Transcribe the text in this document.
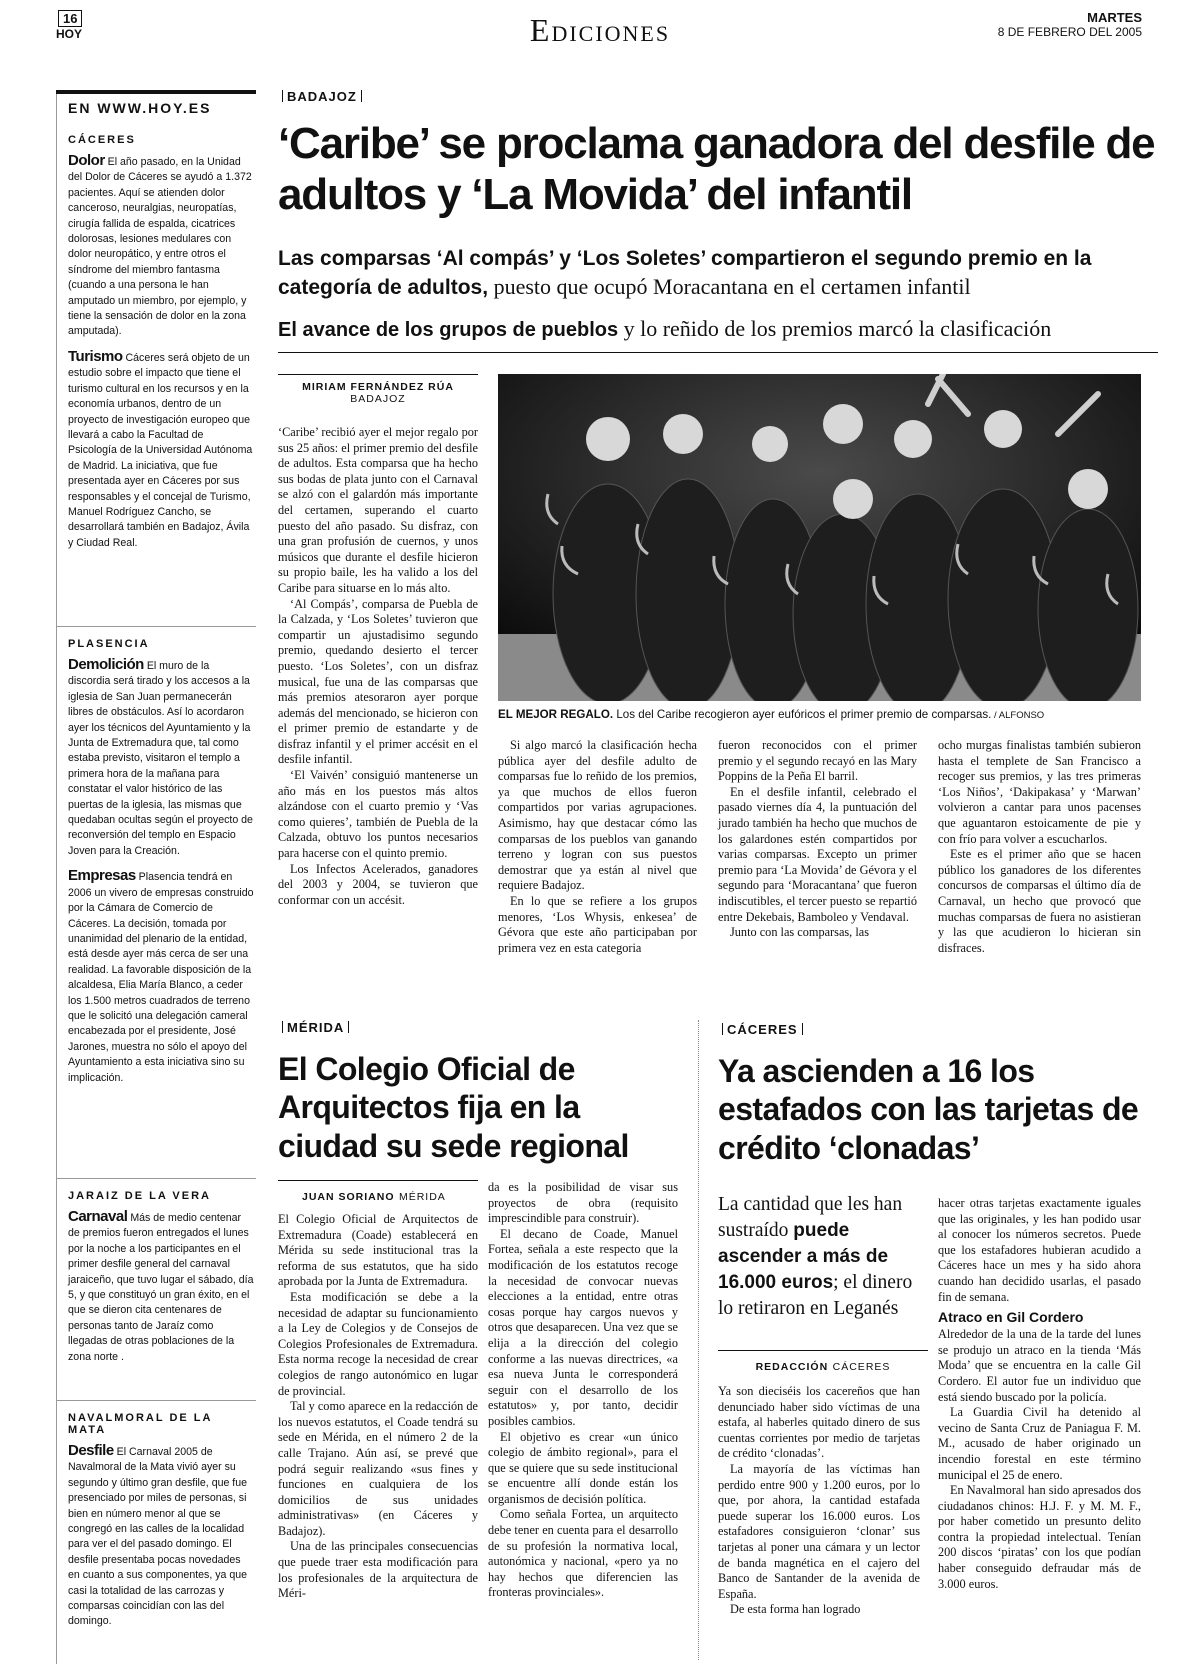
16
HOY	Ediciones	MARTES
8 DE FEBRERO DEL 2005
EN WWW.HOY.ES
CÁCERES
Dolor El año pasado, en la Unidad del Dolor de Cáceres se ayudó a 1.372 pacientes. Aquí se atienden dolor canceroso, neuralgias, neuropatías, cirugía fallida de espalda, cicatrices dolorosas, lesiones medulares con dolor neuropático, y entre otros el síndrome del miembro fantasma (cuando a una persona le han amputado un miembro, por ejemplo, y tiene la sensación de dolor en la zona amputada).
Turismo Cáceres será objeto de un estudio sobre el impacto que tiene el turismo cultural en los recursos y en la economía urbanos, dentro de un proyecto de investigación europeo que llevará a cabo la Facultad de Psicología de la Universidad Autónoma de Madrid. La iniciativa, que fue presentada ayer en Cáceres por sus responsables y el concejal de Turismo, Manuel Rodríguez Cancho, se desarrollará también en Badajoz, Ávila y Ciudad Real.
PLASENCIA
Demolición El muro de la discordia será tirado y los accesos a la iglesia de San Juan permanecerán libres de obstáculos. Así lo acordaron ayer los técnicos del Ayuntamiento y la Junta de Extremadura que, tal como estaba previsto, visitaron el templo a primera hora de la mañana para constatar el valor histórico de las puertas de la iglesia, las mismas que quedaban ocultas según el proyecto de reconversión del templo en Espacio Joven para la Creación.
Empresas Plasencia tendrá en 2006 un vivero de empresas construido por la Cámara de Comercio de Cáceres. La decisión, tomada por unanimidad del plenario de la entidad, está desde ayer más cerca de ser una realidad. La favorable disposición de la alcaldesa, Elia María Blanco, a ceder los 1.500 metros cuadrados de terreno que le solicitó una delegación cameral encabezada por el presidente, José Jarones, muestra no sólo el apoyo del Ayuntamiento a esta iniciativa sino su implicación.
JARAIZ DE LA VERA
Carnaval Más de medio centenar de premios fueron entregados el lunes por la noche a los participantes en el primer desfile general del carnaval jaraiceño, que tuvo lugar el sábado, día 5, y que constituyó un gran éxito, en el que se dieron cita centenares de personas tanto de Jaraíz como llegadas de otras poblaciones de la zona norte .
NAVALMORAL DE LA MATA
Desfile El Carnaval 2005 de Navalmoral de la Mata vivió ayer su segundo y último gran desfile, que fue presenciado por miles de personas, si bien en número menor al que se congregó en las calles de la localidad para ver el del pasado domingo. El desfile presentaba pocas novedades en cuanto a sus componentes, ya que casi la totalidad de las carrozas y comparsas coincidían con las del domingo.
BADAJOZ
‘Caribe’ se proclama ganadora del desfile de adultos y ‘La Movida’ del infantil
Las comparsas ‘Al compás’ y ‘Los Soletes’ compartieron el segundo premio en la categoría de adultos, puesto que ocupó Moracantana en el certamen infantil
El avance de los grupos de pueblos y lo reñido de los premios marcó la clasificación
MIRIAM FERNÁNDEZ RÚA
BADAJOZ

‘Caribe’ recibió ayer el mejor regalo por sus 25 años: el primer premio del desfile de adultos. Esta comparsa que ha hecho sus bodas de plata junto con el Carnaval se alzó con el galardón más importante del certamen, superando el cuarto puesto del año pasado. Su disfraz, con una gran profusión de cuernos, y unos músicos que durante el desfile hicieron su propio baile, les ha valido a los del Caribe para situarse en lo más alto.

‘Al Compás’, comparsa de Puebla de la Calzada, y ‘Los Soletes’ tuvieron que compartir un ajustadisimo segundo premio, quedando desierto el tercer puesto. ‘Los Soletes’, con un disfraz musical, fue una de las comparsas que más premios atesoraron ayer porque además del mencionado, se hicieron con el primer premio de estandarte y de disfraz infantil y el primer accésit en el desfile infantil.

‘El Vaivén’ consiguió mantenerse un año más en los puestos más altos alzándose con el cuarto premio y ‘Vas como quieres’, también de Puebla de la Calzada, obtuvo los puntos necesarios para hacerse con el quinto premio.

Los Infectos Acelerados, ganadores del 2003 y 2004, se tuvieron que conformar con un accésit.

EL MEJOR REGALO. Los del Caribe recogieron ayer eufóricos el primer premio de comparsas. / ALFONSO

Si algo marcó la clasificación hecha pública ayer del desfile adulto de comparsas fue lo reñido de los premios, ya que muchos de ellos fueron compartidos por varias agrupaciones. Asimismo, hay que destacar cómo las comparsas de los pueblos van ganando terreno y logran con sus puestos demostrar que ya están al nivel que requiere Badajoz.

En lo que se refiere a los grupos menores, ‘Los Whysis, enkesea’ de Gévora que este año participaban por primera vez en esta categoria

fueron reconocidos con el primer premio y el segundo recayó en las Mary Poppins de la Peña El barril.

En el desfile infantil, celebrado el pasado viernes día 4, la puntuación del jurado también ha hecho que muchos de los galardones estén compartidos por varias comparsas. Excepto un primer premio para ‘La Movida’ de Gévora y el segundo para ‘Moracantana’ que fueron indiscutibles, el tercer puesto se repartió entre Dekebais, Bamboleo y Vendaval.

Junto con las comparsas, las

ocho murgas finalistas también subieron hasta el templete de San Francisco a recoger sus premios, y las tres primeras ‘Los Niños’, ‘Dakipakasa’ y ‘Marwan’ volvieron a cantar para unos pacenses que aguantaron estoicamente de pie y con frío para volver a escucharlos.

Este es el primer año que se hacen público los ganadores de los diferentes concursos de comparsas el último día de Carnaval, un hecho que provocó que muchas comparsas de fuera no asistieran y las que acudieron lo hicieran sin disfraces.

MÉRIDA
El Colegio Oficial de Arquitectos fija en la ciudad su sede regional
JUAN SORIANO MÉRIDA

El Colegio Oficial de Arquitectos de Extremadura (Coade) establecerá en Mérida su sede institucional tras la reforma de sus estatutos, que ha sido aprobada por la Junta de Extremadura.

Esta modificación se debe a la necesidad de adaptar su funcionamiento a la Ley de Colegios y de Consejos de Colegios Profesionales de Extremadura. Esta norma recoge la necesidad de crear colegios de rango autonómico en lugar de provincial.

Tal y como aparece en la redacción de los nuevos estatutos, el Coade tendrá su sede en Mérida, en el número 2 de la calle Trajano. Aún así, se prevé que podrá seguir realizando «sus fines y funciones en cualquiera de los domicilios de sus unidades administrativas» (en Cáceres y Badajoz).

Una de las principales consecuencias que puede traer esta modificación para los profesionales de la arquitectura de Méri-

da es la posibilidad de visar sus proyectos de obra (requisito imprescindible para construir).

El decano de Coade, Manuel Fortea, señala a este respecto que la modificación de los estatutos recoge la necesidad de convocar nuevas elecciones a la entidad, entre otras cosas porque hay cargos nuevos y otros que desaparecen. Una vez que se elija a la dirección del colegio conforme a las nuevas directrices, «a esa nueva Junta le corresponderá seguir con el desarrollo de los estatutos» y, por tanto, decidir posibles cambios.

El objetivo es crear «un único colegio de ámbito regional», para el que se quiere que su sede institucional se encuentre allí donde están los organismos de decisión política.

Como señala Fortea, un arquitecto debe tener en cuenta para el desarrollo de su profesión la normativa local, autonómica y nacional, «pero ya no hay hechos que diferencien las fronteras provinciales».

CÁCERES
Ya ascienden a 16 los estafados con las tarjetas de crédito ‘clonadas’
La cantidad que les han sustraído puede ascender a más de 16.000 euros; el dinero lo retiraron en Leganés
REDACCIÓN CÁCERES

Ya son dieciséis los cacereños que han denunciado haber sido víctimas de una estafa, al haberles quitado dinero de sus cuentas corrientes por medio de tarjetas de crédito ‘clonadas’.

La mayoría de las víctimas han perdido entre 900 y 1.200 euros, por lo que, por ahora, la cantidad estafada puede superar los 16.000 euros. Los estafadores consiguieron ‘clonar’ sus tarjetas al poner una cámara y un lector de banda magnética en el cajero del Banco de Santander de la avenida de España.

De esta forma han logrado

hacer otras tarjetas exactamente iguales que las originales, y les han podido usar al conocer los números secretos. Puede que los estafadores hubieran acudido a Cáceres hace un mes y ha sido ahora cuando han decidido usarlas, el pasado fin de semana.

Atraco en Gil Cordero

Alrededor de la una de la tarde del lunes se produjo un atraco en la tienda ‘Más Moda’ que se encuentra en la calle Gil Cordero. El autor fue un individuo que está siendo buscado por la policía.

La Guardia Civil ha detenido al vecino de Santa Cruz de Paniagua F. M. M., acusado de haber originado un incendio forestal en este término municipal el 25 de enero.

En Navalmoral han sido apresados dos ciudadanos chinos: H.J. F. y M. M. F., por haber cometido un presunto delito contra la propiedad intelectual. Tenían 200 discos ‘piratas’ con los que podían haber conseguido defraudar más de 3.000 euros.
